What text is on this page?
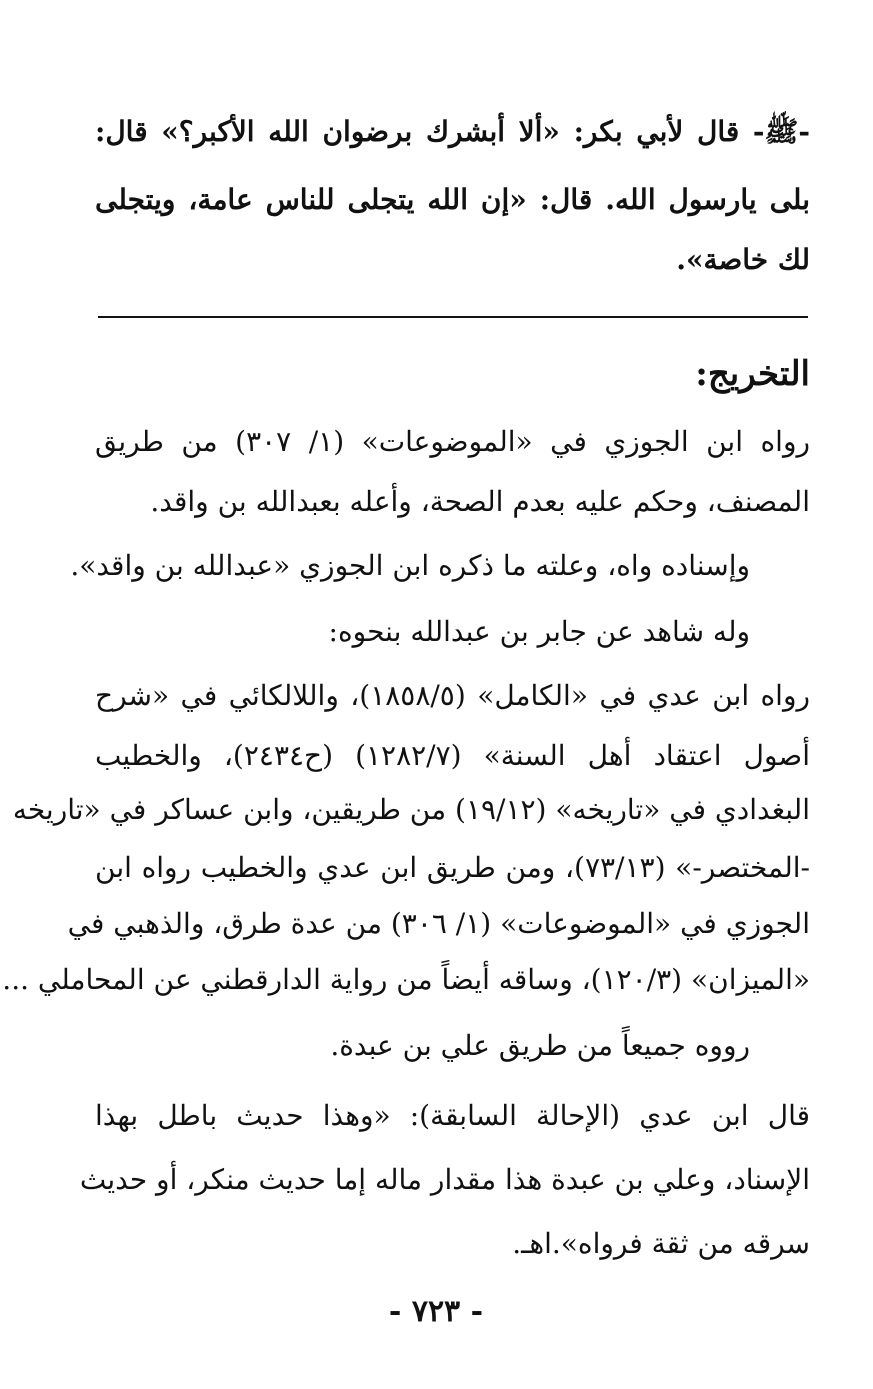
-ﷺ- قال لأبي بكر: «ألا أبشرك برضوان الله الأكبر؟» قال:
بلى يارسول الله. قال: «إن الله يتجلى للناس عامة، ويتجلى
لك خاصة».
التخريج:
رواه ابن الجوزي في «الموضوعات» (١/ ٣٠٧) من طريق
المصنف، وحكم عليه بعدم الصحة، وأعله بعبدالله بن واقد.
وإسناده واه، وعلته ما ذكره ابن الجوزي «عبدالله بن واقد».
وله شاهد عن جابر بن عبدالله بنحوه:
رواه ابن عدي في «الكامل» (١٨٥٨/٥)، واللالكائي في «شرح
أصول اعتقاد أهل السنة» (١٢٨٢/٧) (ح٢٤٣٤)، والخطيب
البغدادي في «تاريخه» (١٩/١٢) من طريقين، وابن عساكر في «تاريخه
-المختصر-» (٧٣/١٣)، ومن طريق ابن عدي والخطيب رواه ابن
الجوزي في «الموضوعات» (١/ ٣٠٦) من عدة طرق، والذهبي في
«الميزان» (١٢٠/٣)، وساقه أيضاً من رواية الدارقطني عن المحاملي ...
رووه جميعاً من طريق علي بن عبدة.
قال ابن عدي (الإحالة السابقة): «وهذا حديث باطل بهذا
الإسناد، وعلي بن عبدة هذا مقدار ماله إما حديث منكر، أو حديث
سرقه من ثقة فرواه».اهـ.
- ٧٢٣ -
